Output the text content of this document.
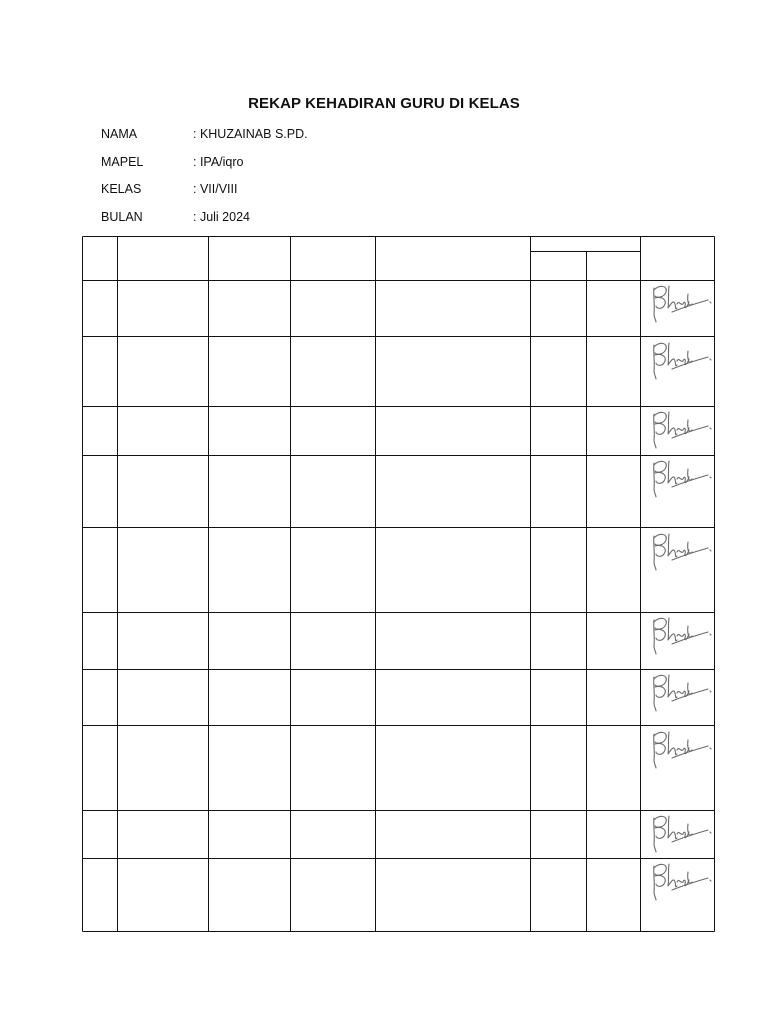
REKAP KEHADIRAN GURU DI KELAS
NAMA	: KHUZAINAB S.PD.
MAPEL	: IPA/iqro
KELAS	: VII/VIII
BULAN	: Juli 2024
